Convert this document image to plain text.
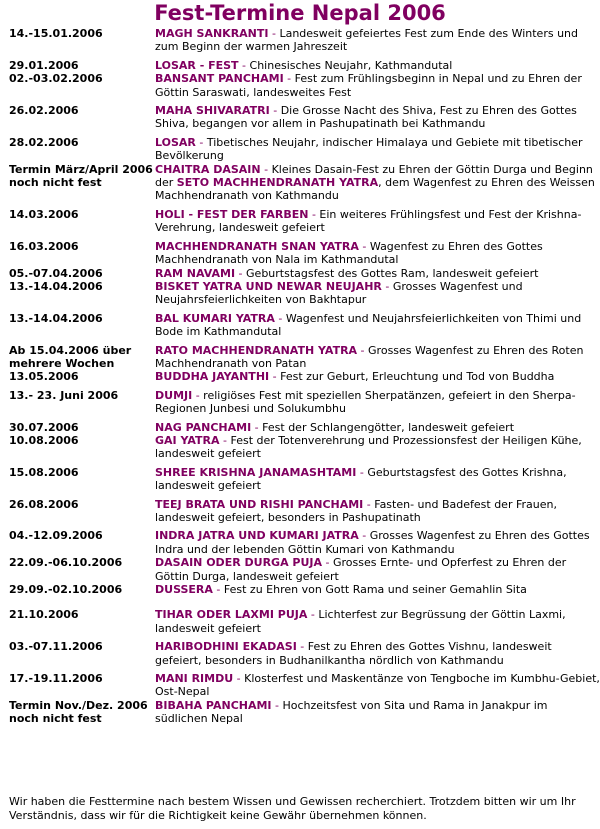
Fest-Termine Nepal 2006
14.-15.01.2006	MAGH SANKRANTI - Landesweit gefeiertes Fest zum Ende des Winters und zum Beginn der warmen Jahreszeit
29.01.2006	LOSAR - FEST - Chinesisches Neujahr, Kathmandutal
02.-03.02.2006	BANSANT PANCHAMI - Fest zum Frühlingsbeginn in Nepal und zu Ehren der Göttin Saraswati, landesweites Fest
26.02.2006	MAHA SHIVARATRI - Die Grosse Nacht des Shiva, Fest zu Ehren des Gottes Shiva, begangen vor allem in Pashupatinath bei Kathmandu
28.02.2006	LOSAR - Tibetisches Neujahr, indischer Himalaya und Gebiete mit tibetischer Bevölkerung
Termin März/April 2006 noch nicht fest	CHAITRA DASAIN - Kleines Dasain-Fest zu Ehren der Göttin Durga und Beginn der SETO MACHHENDRANATH YATRA, dem Wagenfest zu Ehren des Weissen Machhendranath von Kathmandu
14.03.2006	HOLI - FEST DER FARBEN - Ein weiteres Frühlingsfest und Fest der Krishna-Verehrung, landesweit gefeiert
16.03.2006	MACHHENDRANATH SNAN YATRA - Wagenfest zu Ehren des Gottes Machhendranath von Nala im Kathmandutal
05.-07.04.2006	RAM NAVAMI - Geburtstagsfest des Gottes Ram, landesweit gefeiert
13.-14.04.2006	BISKET YATRA UND NEWAR NEUJAHR - Grosses Wagenfest und Neujahrsfeierlichkeiten von Bakhtapur
13.-14.04.2006	BAL KUMARI YATRA - Wagenfest und Neujahrsfeierlichkeiten von Thimi und Bode im Kathmandutal
Ab 15.04.2006 über mehrere Wochen	RATO MACHHENDRANATH YATRA - Grosses Wagenfest zu Ehren des Roten Machhendranath von Patan
13.05.2006	BUDDHA JAYANTHI - Fest zur Geburt, Erleuchtung und Tod von Buddha
13.- 23. Juni 2006	DUMJI - religiöses Fest mit speziellen Sherpatänzen, gefeiert in den Sherpa-Regionen Junbesi und Solukumbhu
30.07.2006	NAG PANCHAMI - Fest der Schlangengötter, landesweit gefeiert
10.08.2006	GAI YATRA - Fest der Totenverehrung und Prozessionsfest der Heiligen Kühe, landesweit gefeiert
15.08.2006	SHREE KRISHNA JANAMASHTAMI - Geburtstagsfest des Gottes Krishna, landesweit gefeiert
26.08.2006	TEEJ BRATA UND RISHI PANCHAMI - Fasten- und Badefest der Frauen, landesweit gefeiert, besonders in Pashupatinath
04.-12.09.2006	INDRA JATRA UND KUMARI JATRA - Grosses Wagenfest zu Ehren des Gottes Indra und der lebenden Göttin Kumari von Kathmandu
22.09.-06.10.2006	DASAIN ODER DURGA PUJA - Grosses Ernte- und Opferfest zu Ehren der Göttin Durga, landesweit gefeiert
29.09.-02.10.2006	DUSSERA - Fest zu Ehren von Gott Rama und seiner Gemahlin Sita
21.10.2006	TIHAR ODER LAXMI PUJA - Lichterfest zur Begrüssung der Göttin Laxmi, landesweit gefeiert
03.-07.11.2006	HARIBODHINI EKADASI - Fest zu Ehren des Gottes Vishnu, landesweit gefeiert, besonders in Budhanilkantha nördlich von Kathmandu
17.-19.11.2006	MANI RIMDU - Klosterfest und Maskentänze von Tengboche im Kumbhu-Gebiet, Ost-Nepal
Termin Nov./Dez. 2006 noch nicht fest	BIBAHA PANCHAMI - Hochzeitsfest von Sita und Rama in Janakpur im südlichen Nepal

Wir haben die Festtermine nach bestem Wissen und Gewissen recherchiert. Trotzdem bitten wir um Ihr Verständnis, dass wir für die Richtigkeit keine Gewähr übernehmen können.
